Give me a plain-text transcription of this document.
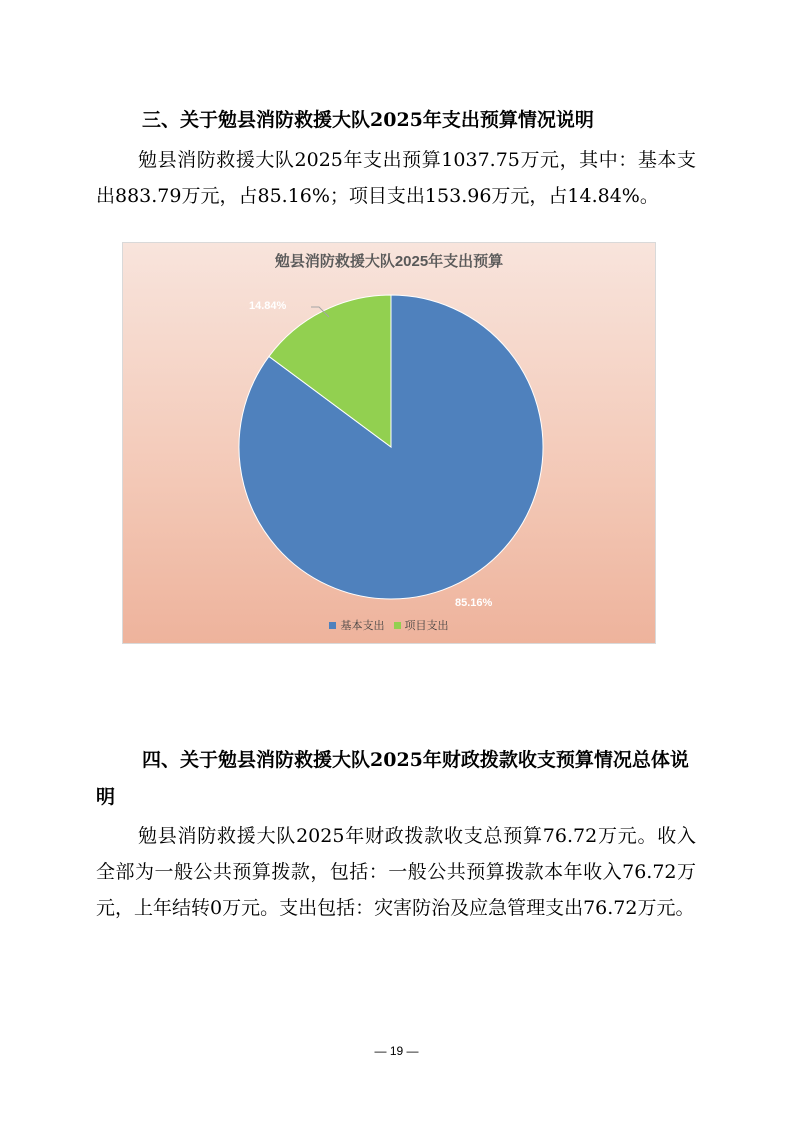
三、关于勉县消防救援大队2025年支出预算情况说明

勉县消防救援大队2025年支出预算1037.75万元，其中：基本支出883.79万元，占85.16%；项目支出153.96万元，占14.84%。

勉县消防救援大队2025年支出预算
85.16%
14.84%
基本支出 项目支出
四、关于勉县消防救援大队2025年财政拨款收支预算情况总体说明

勉县消防救援大队2025年财政拨款收支总预算76.72万元。收入全部为一般公共预算拨款，包括：一般公共预算拨款本年收入76.72万元，上年结转0万元。支出包括：灾害防治及应急管理支出76.72万元。

— 19 —
